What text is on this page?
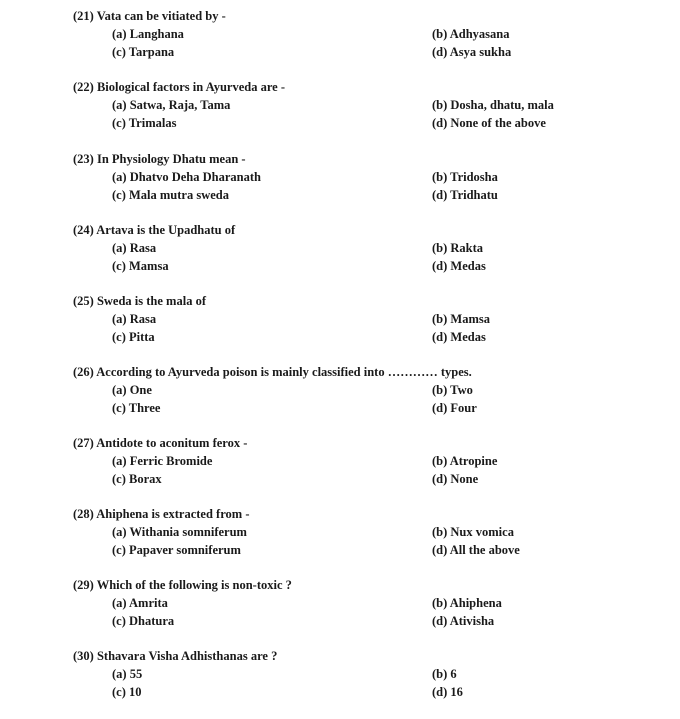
(21) Vata can be vitiated by -
(a) Langhana	(b) Adhyasana
(c) Tarpana	(d) Asya sukha
(22) Biological factors in Ayurveda are -
(a) Satwa, Raja, Tama	(b) Dosha, dhatu, mala
(c) Trimalas	(d) None of the above
(23) In Physiology Dhatu mean -
(a) Dhatvo Deha Dharanath	(b) Tridosha
(c) Mala mutra sweda	(d) Tridhatu
(24) Artava is the Upadhatu of
(a) Rasa	(b) Rakta
(c) Mamsa	(d) Medas
(25) Sweda is the mala of
(a) Rasa	(b) Mamsa
(c) Pitta	(d) Medas
(26) According to Ayurveda poison is mainly classified into ………… types.
(a) One	(b) Two
(c) Three	(d) Four
(27) Antidote to aconitum ferox -
(a) Ferric Bromide	(b) Atropine
(c) Borax	(d) None
(28) Ahiphena is extracted from -
(a) Withania somniferum	(b) Nux vomica
(c) Papaver somniferum	(d) All the above
(29) Which of the following is non-toxic ?
(a) Amrita	(b) Ahiphena
(c) Dhatura	(d) Ativisha
(30) Sthavara Visha Adhisthanas are ?
(a) 55	(b) 6
(c) 10	(d) 16
